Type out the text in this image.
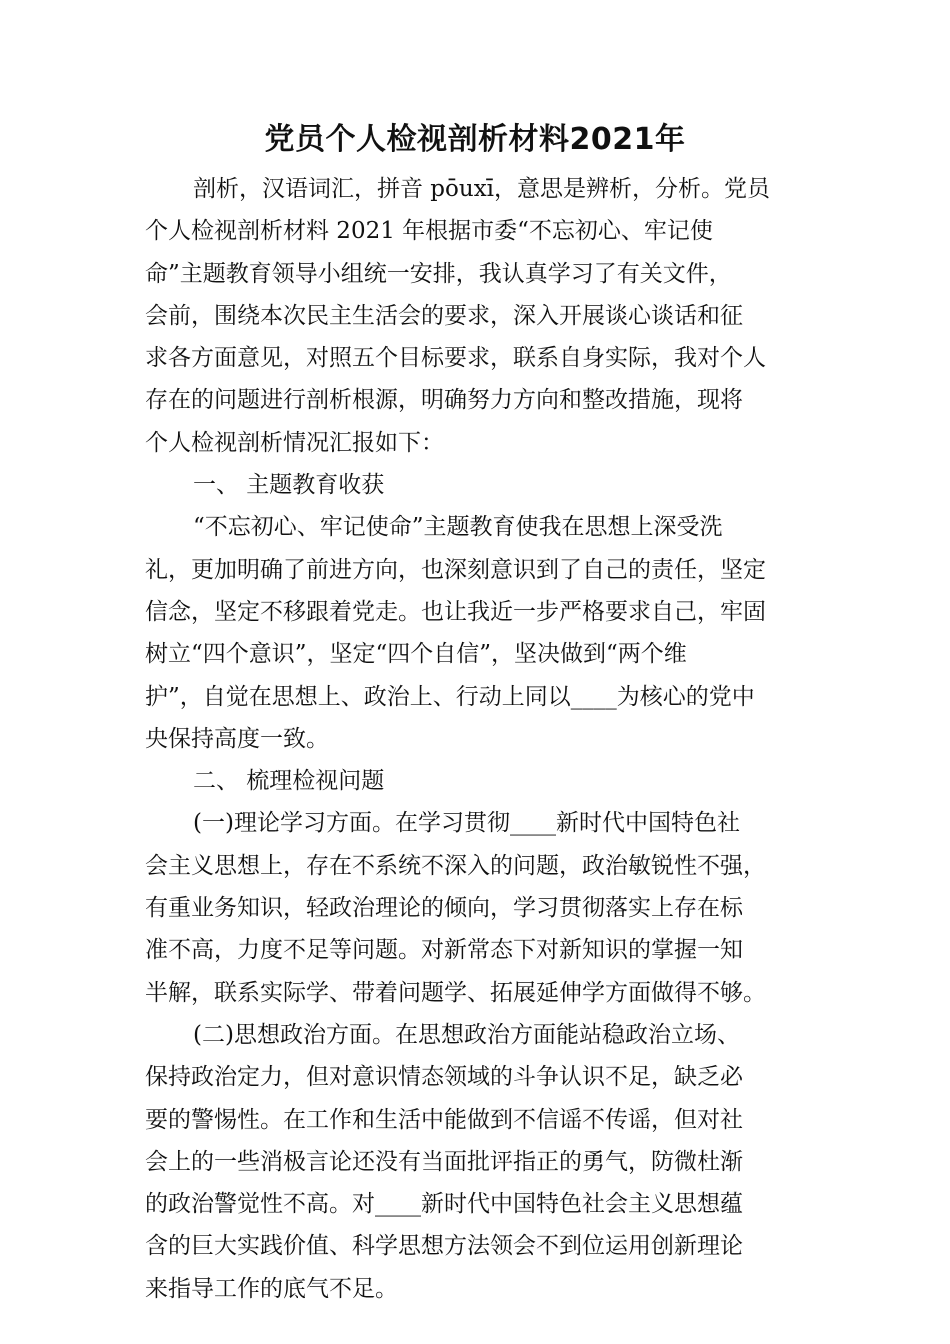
党员个人检视剖析材料2021年
剖析，汉语词汇，拼音 pōuxī，意思是辨析，分析。党员
个人检视剖析材料 2021 年根据市委“不忘初心、牢记使
命”主题教育领导小组统一安排，我认真学习了有关文件，
会前，围绕本次民主生活会的要求，深入开展谈心谈话和征
求各方面意见，对照五个目标要求，联系自身实际，我对个人
存在的问题进行剖析根源，明确努力方向和整改措施，现将
个人检视剖析情况汇报如下：
一、 主题教育收获
“不忘初心、牢记使命”主题教育使我在思想上深受洗
礼，更加明确了前进方向，也深刻意识到了自己的责任，坚定
信念，坚定不移跟着党走。也让我近一步严格要求自己，牢固
树立“四个意识”，坚定“四个自信”，坚决做到“两个维
护”，自觉在思想上、政治上、行动上同以____为核心的党中
央保持高度一致。
二、 梳理检视问题
(一)理论学习方面。在学习贯彻____新时代中国特色社
会主义思想上，存在不系统不深入的问题，政治敏锐性不强，
有重业务知识，轻政治理论的倾向，学习贯彻落实上存在标
准不高，力度不足等问题。对新常态下对新知识的掌握一知
半解，联系实际学、带着问题学、拓展延伸学方面做得不够。
(二)思想政治方面。在思想政治方面能站稳政治立场、
保持政治定力，但对意识情态领域的斗争认识不足，缺乏必
要的警惕性。在工作和生活中能做到不信谣不传谣，但对社
会上的一些消极言论还没有当面批评指正的勇气，防微杜渐
的政治警觉性不高。对____新时代中国特色社会主义思想蕴
含的巨大实践价值、科学思想方法领会不到位运用创新理论
来指导工作的底气不足。
